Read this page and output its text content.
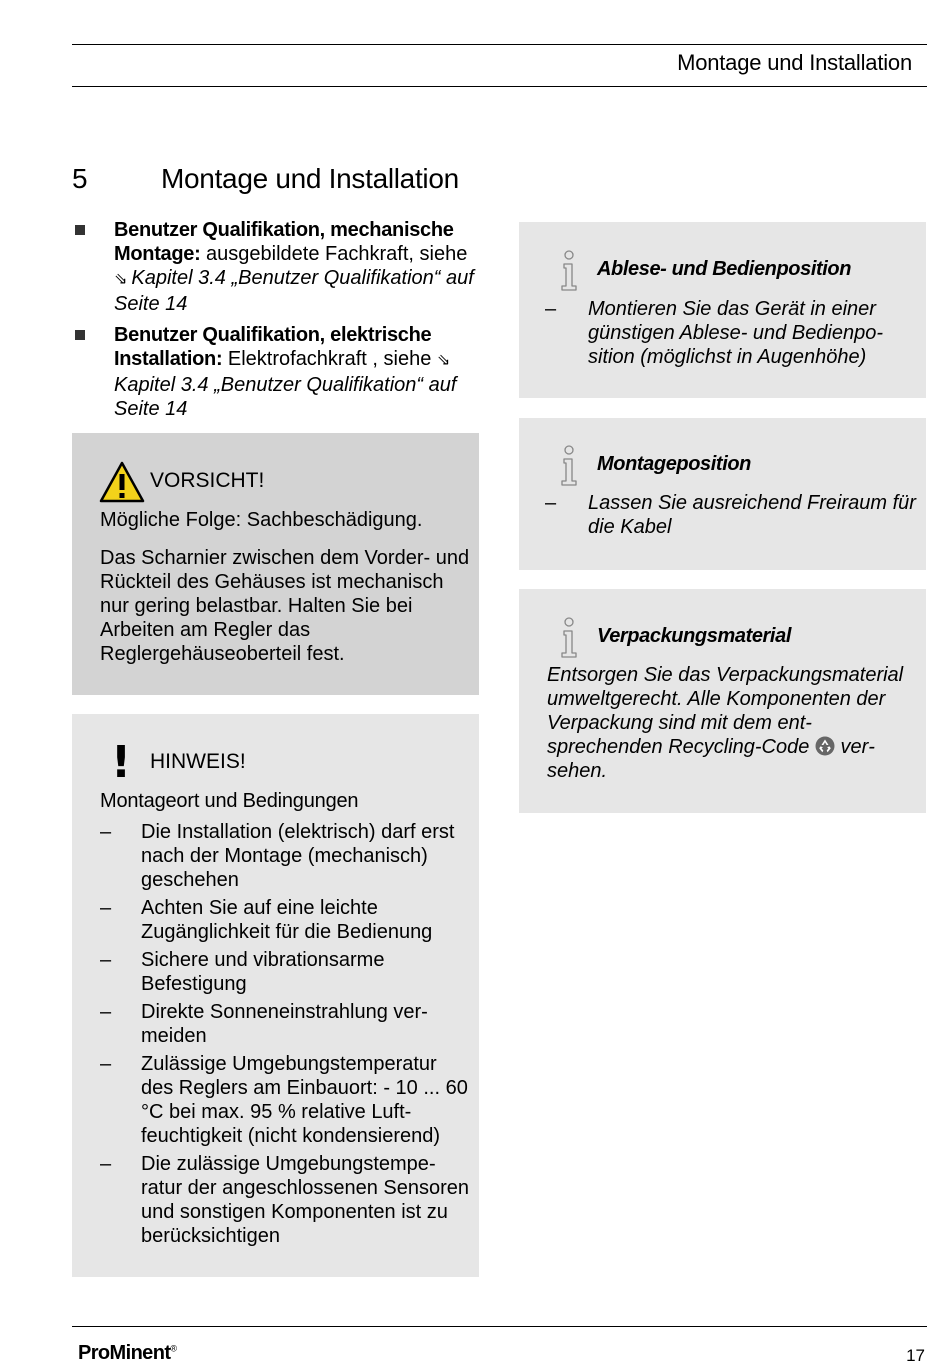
Montage und Installation
5	Montage und Installation
Benutzer Qualifikation, mechanische Montage: ausgebildete Fachkraft, siehe ⇘ Kapitel 3.4 „Benutzer Qualifikation“ auf Seite 14
Benutzer Qualifikation, elektrische Installation: Elektrofachkraft , siehe ⇘Kapitel 3.4 „Benutzer Qualifikation“ auf Seite 14
VORSICHT!
Mögliche Folge: Sachbeschädigung.
Das Scharnier zwischen dem Vorder- und Rückteil des Gehäuses ist mechanisch nur gering belastbar. Halten Sie bei Arbeiten am Regler das Reglergehäuseoberteil fest.
! HINWEIS!
Montageort und Bedingungen
– Die Installation (elektrisch) darf erst nach der Montage (mechanisch) geschehen
– Achten Sie auf eine leichte Zugänglichkeit für die Bedienung
– Sichere und vibrationsarme Befestigung
– Direkte Sonneneinstrahlung vermeiden
– Zulässige Umgebungstemperatur des Reglers am Einbauort: - 10 ... 60 °C bei max. 95 % relative Luftfeuchtigkeit (nicht kondensierend)
– Die zulässige Umgebungstemperatur der angeschlossenen Sensoren und sonstigen Komponenten ist zu berücksichtigen
Ablese- und Bedienposition
– Montieren Sie das Gerät in einer günstigen Ablese- und Bedienposition (möglichst in Augenhöhe)
Montageposition
– Lassen Sie ausreichend Freiraum für die Kabel
Verpackungsmaterial
Entsorgen Sie das Verpackungsmaterial umweltgerecht. Alle Komponenten der Verpackung sind mit dem entsprechenden Recycling-Code  versehen.
ProMinent®	17
